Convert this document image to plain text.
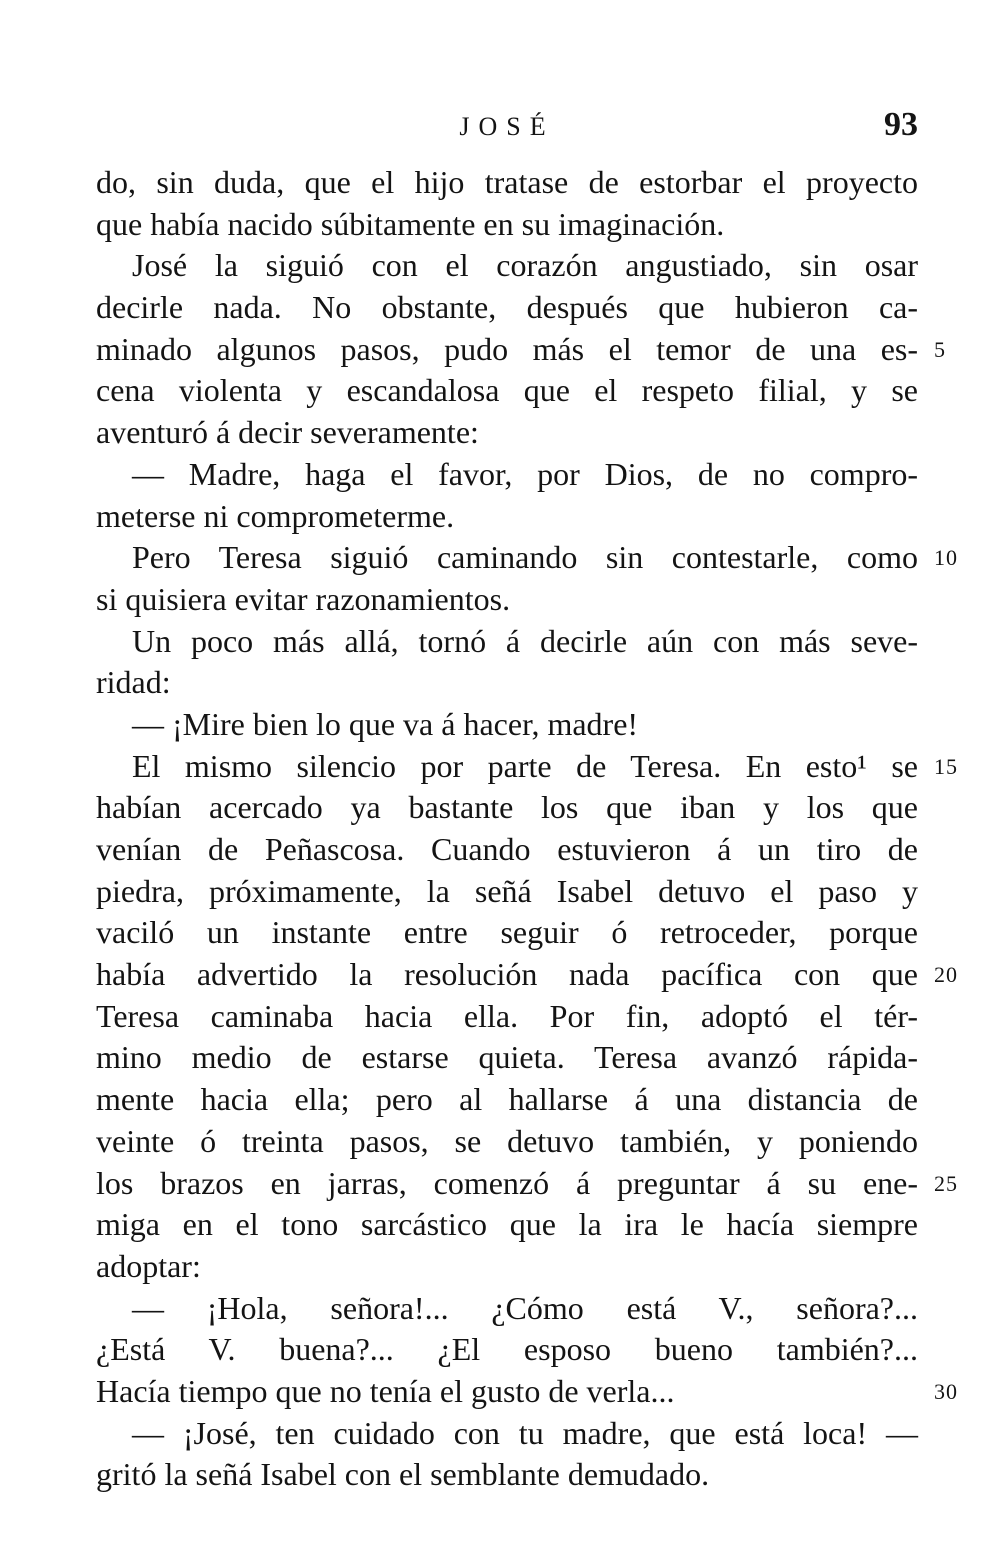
JOSÉ	93
do, sin duda, que el hijo tratase de estorbar el proyecto
que había nacido súbitamente en su imaginación.
José la siguió con el corazón angustiado, sin osar
decirle nada. No obstante, después que hubieron ca-
minado algunos pasos, pudo más el temor de una es- 5
cena violenta y escandalosa que el respeto filial, y se
aventuró á decir severamente:
— Madre, haga el favor, por Dios, de no compro-
meterse ni comprometerme.
Pero Teresa siguió caminando sin contestarle, como 10
si quisiera evitar razonamientos.
Un poco más allá, tornó á decirle aún con más seve-
ridad:
— ¡Mire bien lo que va á hacer, madre!
El mismo silencio por parte de Teresa. En esto¹ se 15
habían acercado ya bastante los que iban y los que
venían de Peñascosa. Cuando estuvieron á un tiro de
piedra, próximamente, la señá Isabel detuvo el paso y
vaciló un instante entre seguir ó retroceder, porque
había advertido la resolución nada pacífica con que 20
Teresa caminaba hacia ella. Por fin, adoptó el tér-
mino medio de estarse quieta. Teresa avanzó rápida-
mente hacia ella; pero al hallarse á una distancia de
veinte ó treinta pasos, se detuvo también, y poniendo
los brazos en jarras, comenzó á preguntar á su ene- 25
miga en el tono sarcástico que la ira le hacía siempre
adoptar:
— ¡Hola, señora!... ¿Cómo está V., señora?...
¿Está V. buena?... ¿El esposo bueno también?...
Hacía tiempo que no tenía el gusto de verla...	30
— ¡José, ten cuidado con tu madre, que está loca! —
gritó la señá Isabel con el semblante demudado.
